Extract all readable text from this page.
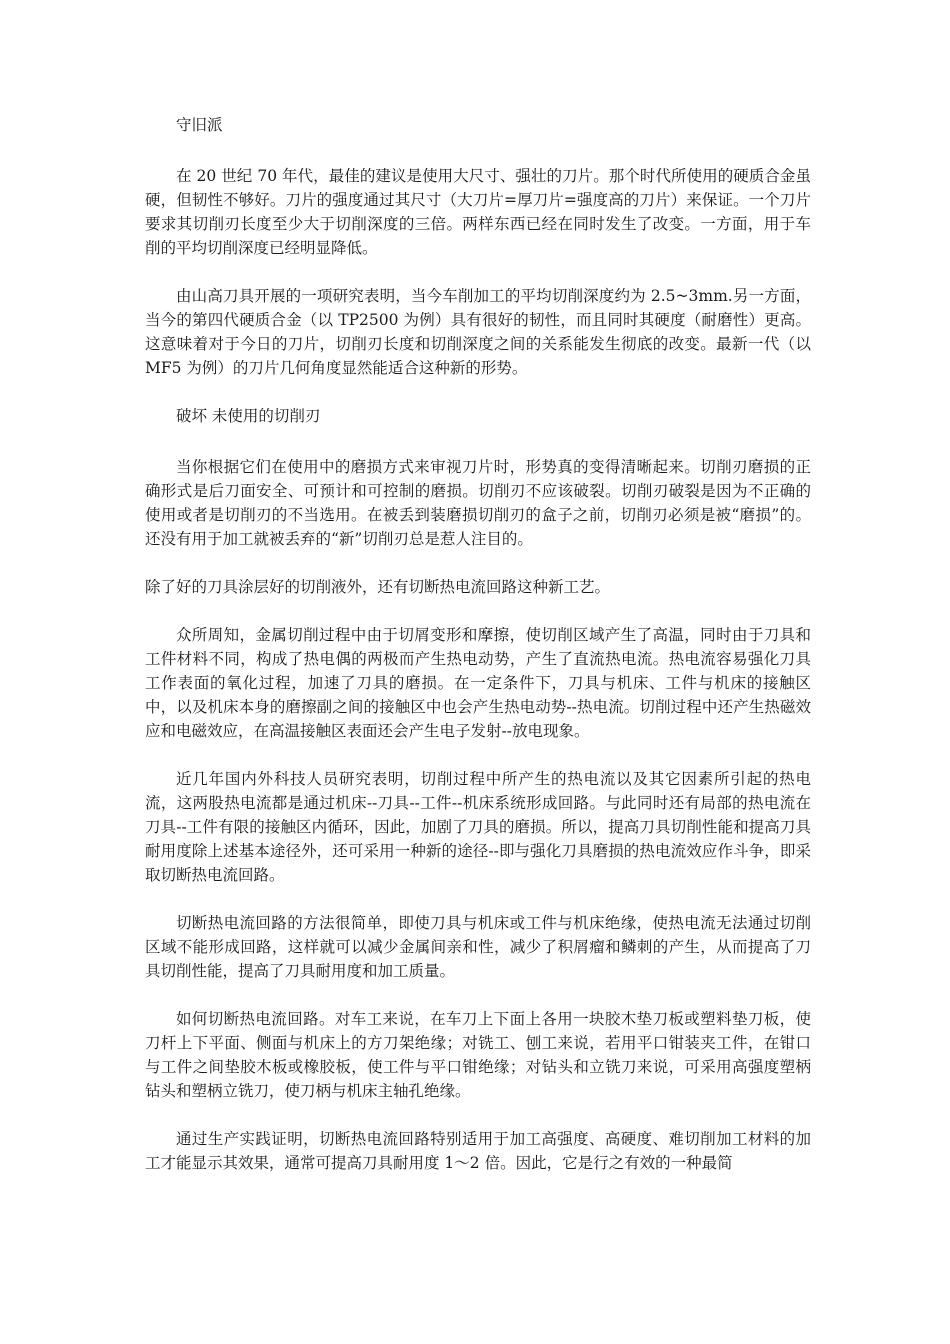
守旧派

在 20 世纪 70 年代，最佳的建议是使用大尺寸、强壮的刀片。那个时代所使用的硬质合金虽硬，但韧性不够好。刀片的强度通过其尺寸（大刀片=厚刀片=强度高的刀片）来保证。一个刀片要求其切削刃长度至少大于切削深度的三倍。两样东西已经在同时发生了改变。一方面，用于车削的平均切削深度已经明显降低。

由山高刀具开展的一项研究表明，当今车削加工的平均切削深度约为 2.5~3mm.另一方面，当今的第四代硬质合金（以 TP2500 为例）具有很好的韧性，而且同时其硬度（耐磨性）更高。这意味着对于今日的刀片，切削刃长度和切削深度之间的关系能发生彻底的改变。最新一代（以 MF5 为例）的刀片几何角度显然能适合这种新的形势。

破坏 未使用的切削刃

当你根据它们在使用中的磨损方式来审视刀片时，形势真的变得清晰起来。切削刃磨损的正确形式是后刀面安全、可预计和可控制的磨损。切削刃不应该破裂。切削刃破裂是因为不正确的使用或者是切削刃的不当选用。在被丢到装磨损切削刃的盒子之前，切削刃必须是被“磨损”的。还没有用于加工就被丢弃的“新”切削刃总是惹人注目的。

除了好的刀具涂层好的切削液外，还有切断热电流回路这种新工艺。

众所周知，金属切削过程中由于切屑变形和摩擦，使切削区域产生了高温，同时由于刀具和工件材料不同，构成了热电偶的两极而产生热电动势，产生了直流热电流。热电流容易强化刀具工作表面的氧化过程，加速了刀具的磨损。在一定条件下，刀具与机床、工件与机床的接触区中，以及机床本身的磨擦副之间的接触区中也会产生热电动势--热电流。切削过程中还产生热磁效应和电磁效应，在高温接触区表面还会产生电子发射--放电现象。

近几年国内外科技人员研究表明，切削过程中所产生的热电流以及其它因素所引起的热电流，这两股热电流都是通过机床--刀具--工件--机床系统形成回路。与此同时还有局部的热电流在刀具--工件有限的接触区内循环，因此，加剧了刀具的磨损。所以，提高刀具切削性能和提高刀具耐用度除上述基本途径外，还可采用一种新的途径--即与强化刀具磨损的热电流效应作斗争，即采取切断热电流回路。

切断热电流回路的方法很简单，即使刀具与机床或工件与机床绝缘，使热电流无法通过切削区域不能形成回路，这样就可以减少金属间亲和性，减少了积屑瘤和鳞刺的产生，从而提高了刀具切削性能，提高了刀具耐用度和加工质量。

如何切断热电流回路。对车工来说，在车刀上下面上各用一块胶木垫刀板或塑料垫刀板，使刀杆上下平面、侧面与机床上的方刀架绝缘；对铣工、刨工来说，若用平口钳装夹工件，在钳口与工件之间垫胶木板或橡胶板，使工件与平口钳绝缘；对钻头和立铣刀来说，可采用高强度塑柄钻头和塑柄立铣刀，使刀柄与机床主轴孔绝缘。

通过生产实践证明，切断热电流回路特别适用于加工高强度、高硬度、难切削加工材料的加工才能显示其效果，通常可提高刀具耐用度 1～2 倍。因此，它是行之有效的一种最简
